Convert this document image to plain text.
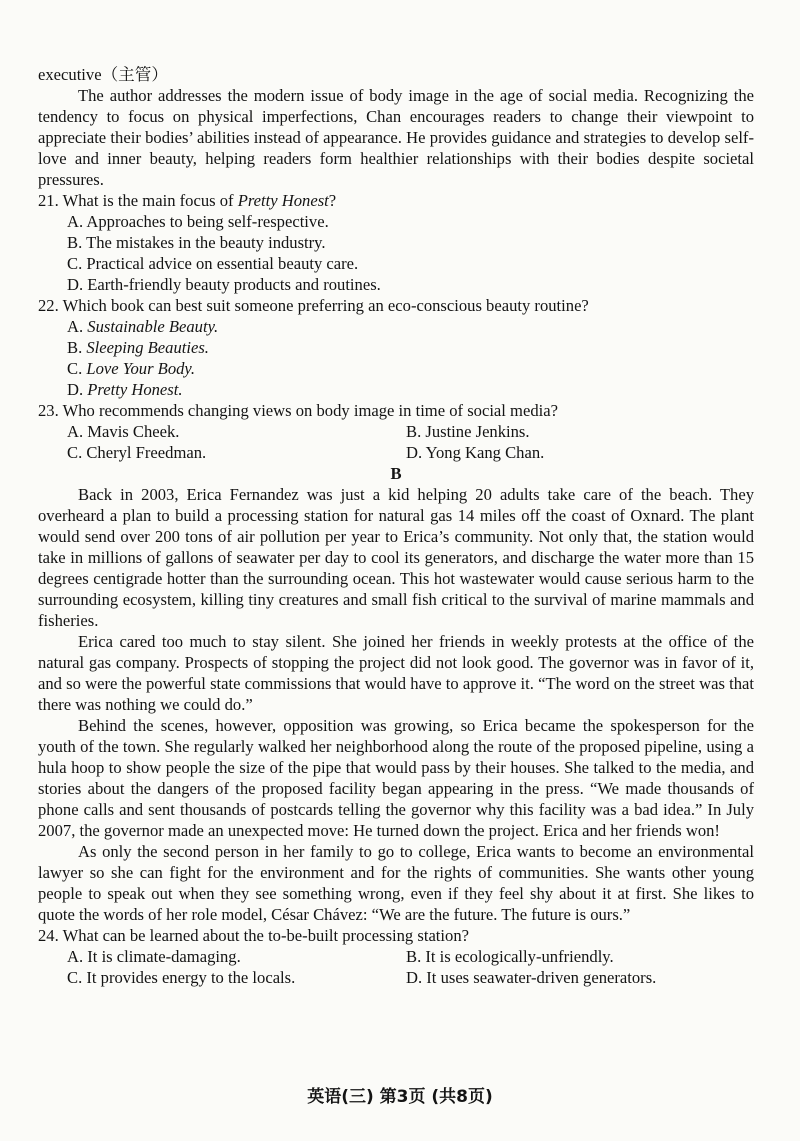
executive（主管）

The author addresses the modern issue of body image in the age of social media. Recognizing the tendency to focus on physical imperfections, Chan encourages readers to change their viewpoint to appreciate their bodies’ abilities instead of appearance. He provides guidance and strategies to develop self-love and inner beauty, helping readers form healthier relationships with their bodies despite societal pressures.

21. What is the main focus of Pretty Honest?

A. Approaches to being self-respective.

B. The mistakes in the beauty industry.

C. Practical advice on essential beauty care.

D. Earth-friendly beauty products and routines.

22. Which book can best suit someone preferring an eco-conscious beauty routine?

A. Sustainable Beauty.

B. Sleeping Beauties.

C. Love Your Body.

D. Pretty Honest.

23. Who recommends changing views on body image in time of social media?

A. Mavis Cheek.	B. Justine Jenkins.
C. Cheryl Freedman.	D. Yong Kang Chan.

B

Back in 2003, Erica Fernandez was just a kid helping 20 adults take care of the beach. They overheard a plan to build a processing station for natural gas 14 miles off the coast of Oxnard. The plant would send over 200 tons of air pollution per year to Erica’s community. Not only that, the station would take in millions of gallons of seawater per day to cool its generators, and discharge the water more than 15 degrees centigrade hotter than the surrounding ocean. This hot wastewater would cause serious harm to the surrounding ecosystem, killing tiny creatures and small fish critical to the survival of marine mammals and fisheries.

Erica cared too much to stay silent. She joined her friends in weekly protests at the office of the natural gas company. Prospects of stopping the project did not look good. The governor was in favor of it, and so were the powerful state commissions that would have to approve it. “The word on the street was that there was nothing we could do.”

Behind the scenes, however, opposition was growing, so Erica became the spokesperson for the youth of the town. She regularly walked her neighborhood along the route of the proposed pipeline, using a hula hoop to show people the size of the pipe that would pass by their houses. She talked to the media, and stories about the dangers of the proposed facility began appearing in the press. “We made thousands of phone calls and sent thousands of postcards telling the governor why this facility was a bad idea.” In July 2007, the governor made an unexpected move: He turned down the project. Erica and her friends won!

As only the second person in her family to go to college, Erica wants to become an environmental lawyer so she can fight for the environment and for the rights of communities. She wants other young people to speak out when they see something wrong, even if they feel shy about it at first. She likes to quote the words of her role model, César Chávez: “We are the future. The future is ours.”

24. What can be learned about the to-be-built processing station?

A. It is climate-damaging.	B. It is ecologically-unfriendly.
C. It provides energy to the locals.	D. It uses seawater-driven generators.
英语(三) 第3页 (共8页)
